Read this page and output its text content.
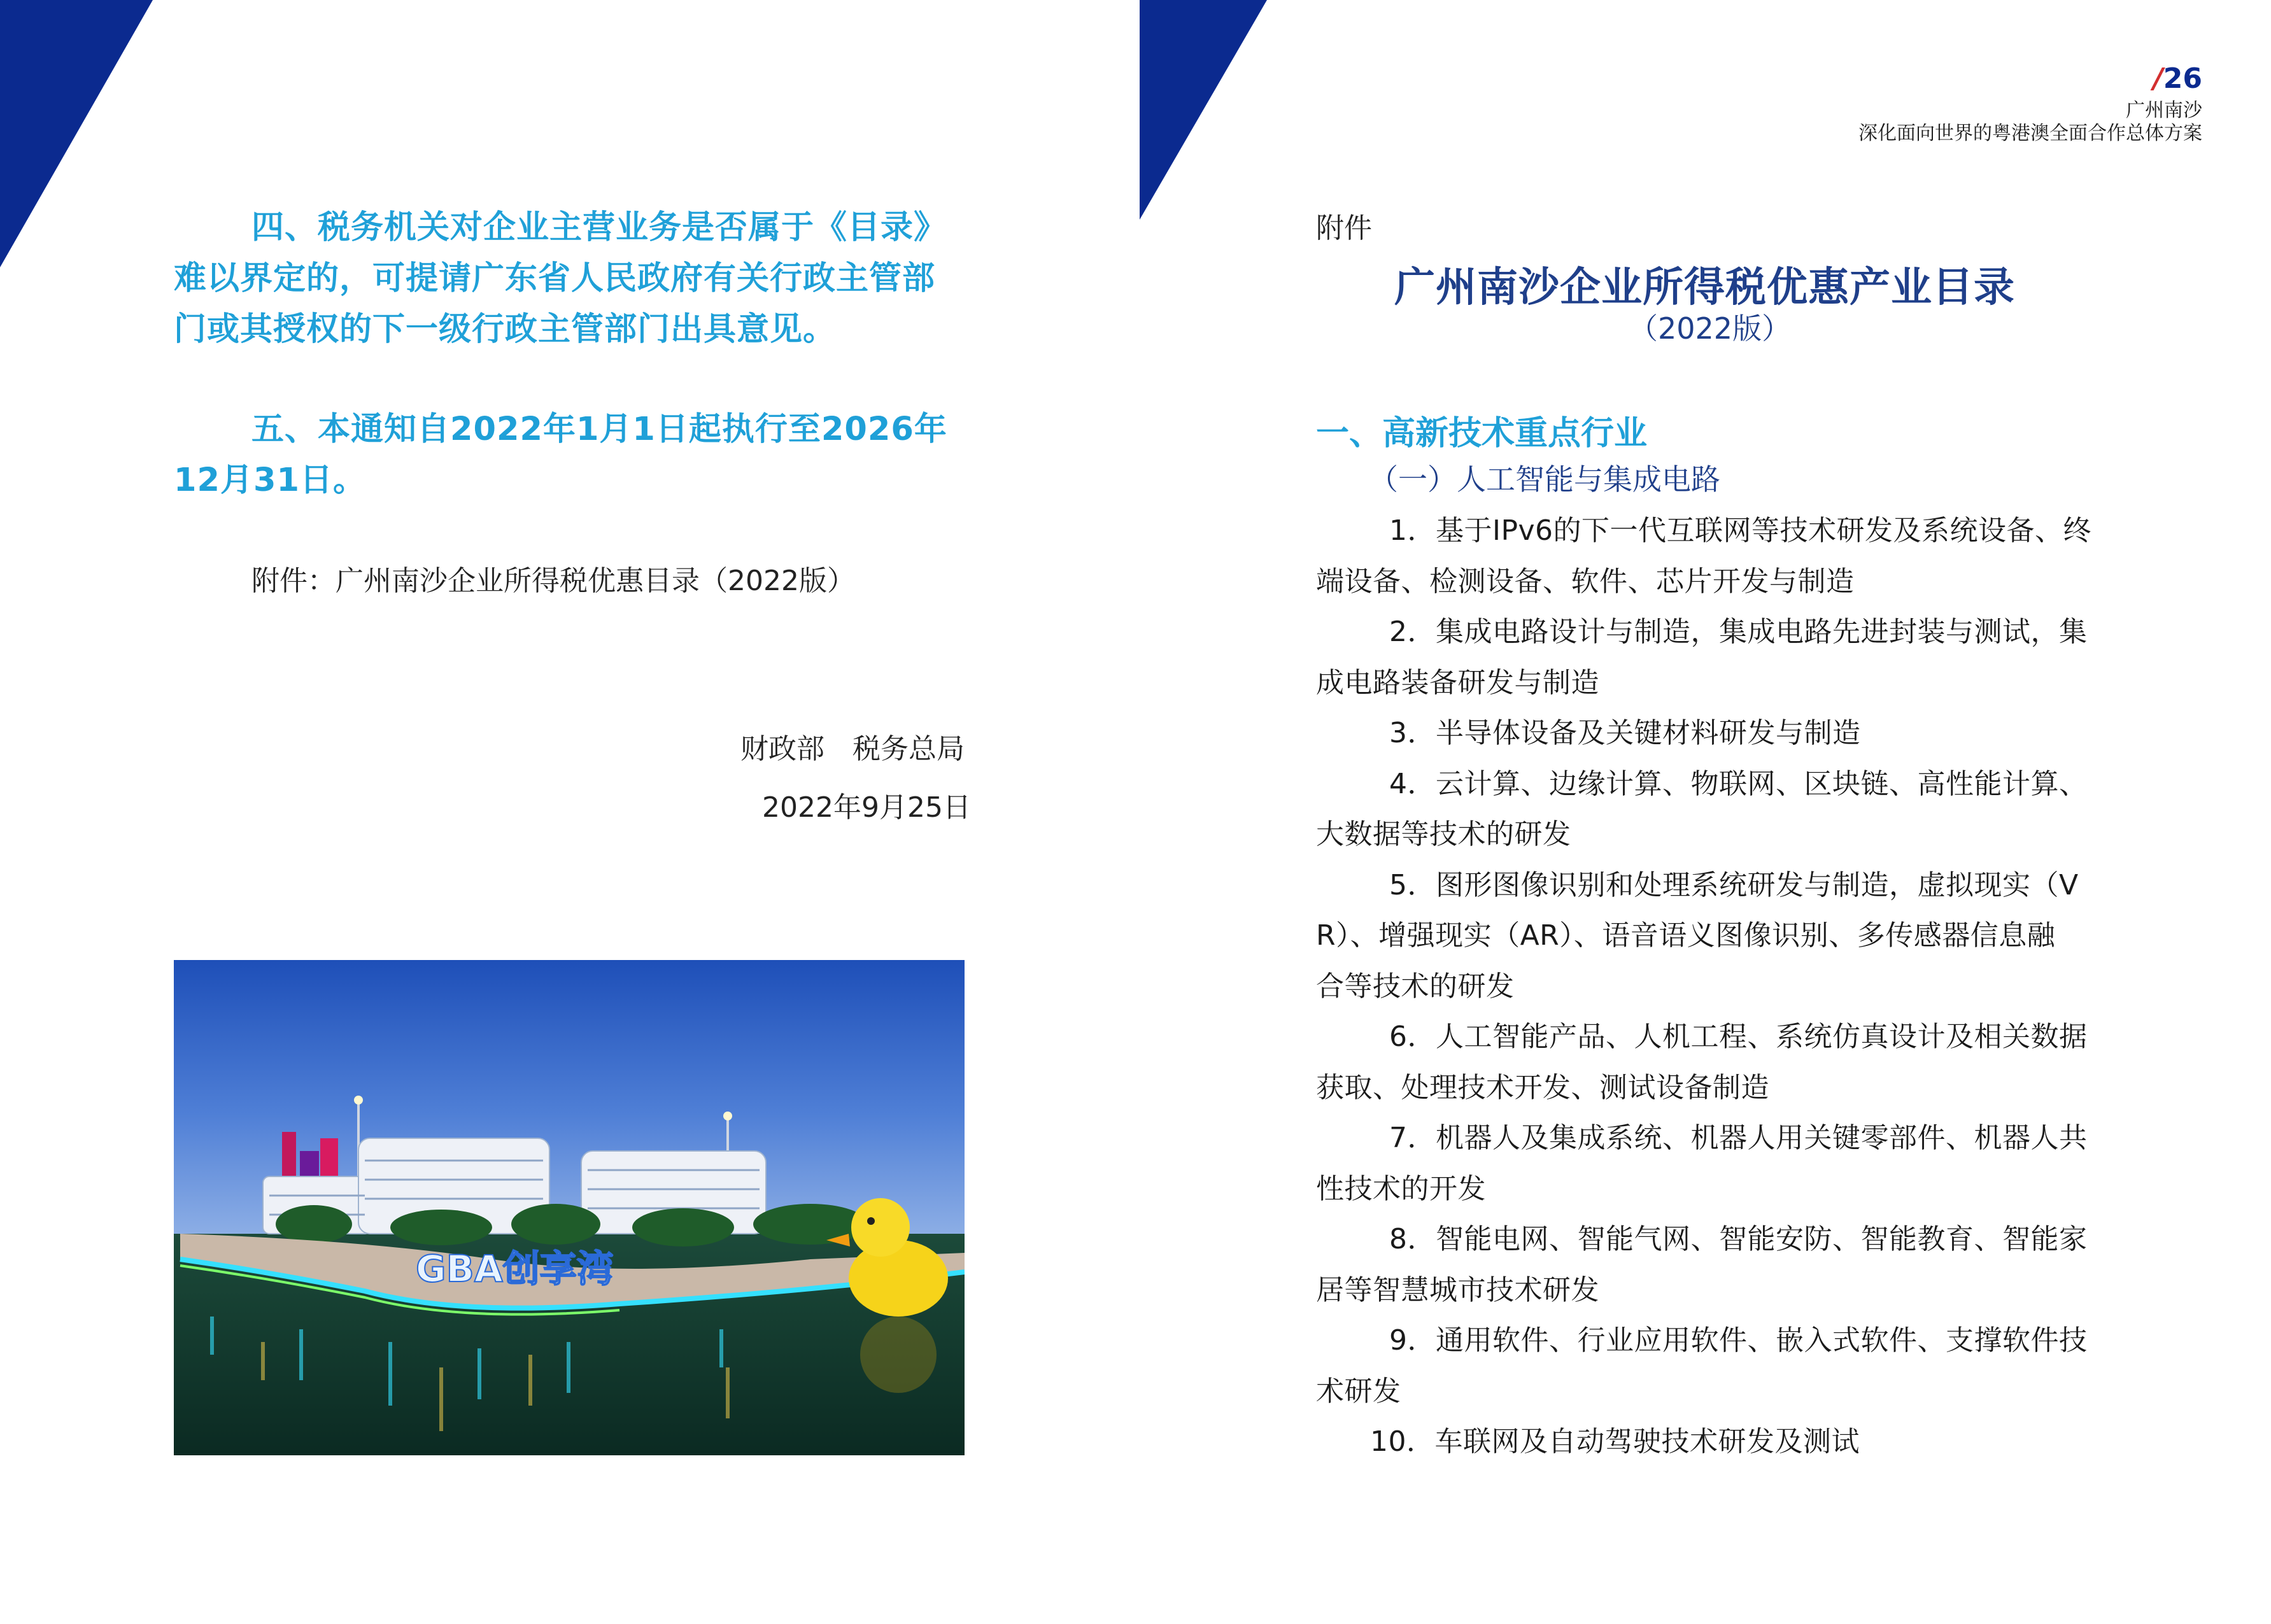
/26
广州南沙
深化面向世界的粤港澳全面合作总体方案
四、税务机关对企业主营业务是否属于《目录》
难以界定的，可提请广东省人民政府有关行政主管部
门或其授权的下一级行政主管部门出具意见。
五、本通知自2022年1月1日起执行至2026年
12月31日。
附件：广州南沙企业所得税优惠目录（2022版）
财政部　税务总局
2022年9月25日
GBA创享湾
附件
广州南沙企业所得税优惠产业目录
（2022版）
一、高新技术重点行业
（一）人工智能与集成电路
1．基于IPv6的下一代互联网等技术研发及系统设备、终
端设备、检测设备、软件、芯片开发与制造
2．集成电路设计与制造，集成电路先进封装与测试，集
成电路装备研发与制造
3．半导体设备及关键材料研发与制造
4．云计算、边缘计算、物联网、区块链、高性能计算、
大数据等技术的研发
5．图形图像识别和处理系统研发与制造，虚拟现实（V
R）、增强现实（AR）、语音语义图像识别、多传感器信息融
合等技术的研发
6．人工智能产品、人机工程、系统仿真设计及相关数据
获取、处理技术开发、测试设备制造
7．机器人及集成系统、机器人用关键零部件、机器人共
性技术的开发
8．智能电网、智能气网、智能安防、智能教育、智能家
居等智慧城市技术研发
9．通用软件、行业应用软件、嵌入式软件、支撑软件技
术研发
10．车联网及自动驾驶技术研发及测试
